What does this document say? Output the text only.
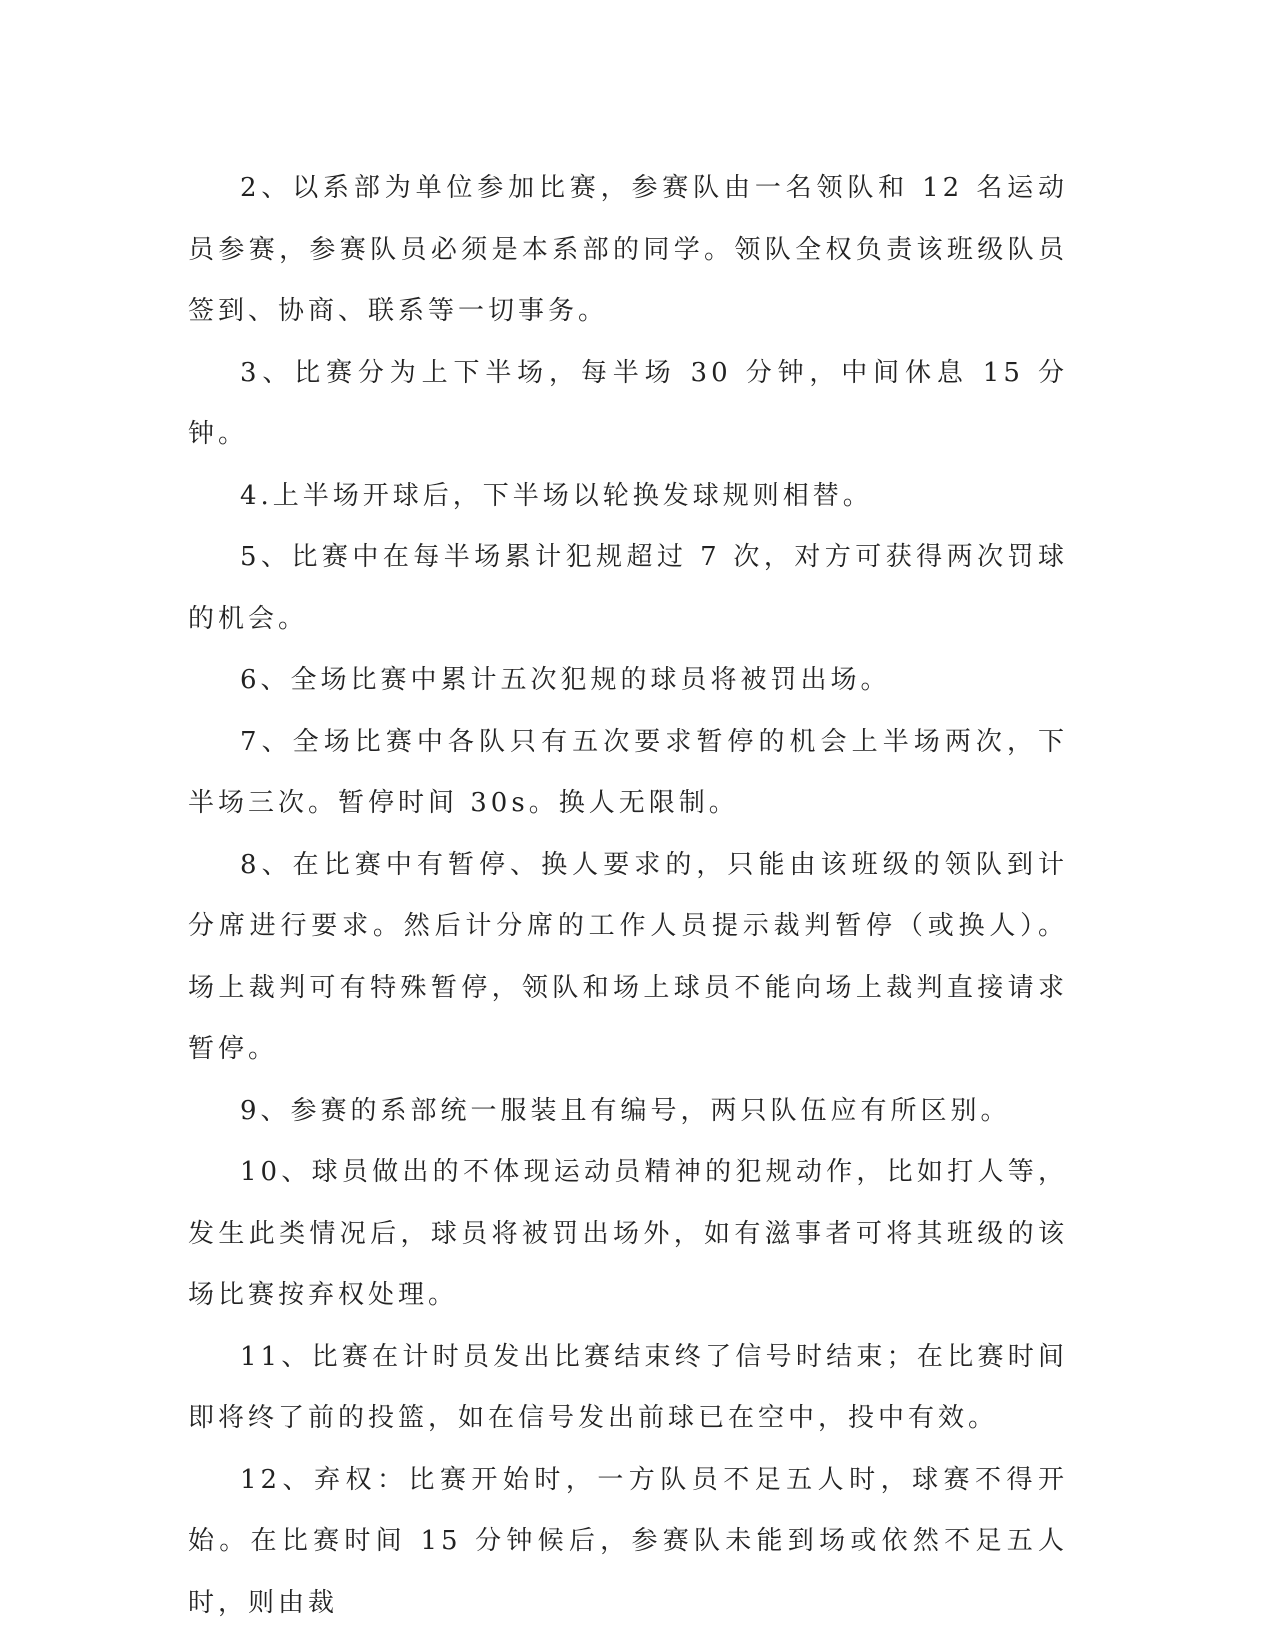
2、以系部为单位参加比赛，参赛队由一名领队和 12 名运动员参赛，参赛队员必须是本系部的同学。领队全权负责该班级队员签到、协商、联系等一切事务。

3、比赛分为上下半场，每半场 30 分钟，中间休息 15 分钟。

4.上半场开球后，下半场以轮换发球规则相替。

5、比赛中在每半场累计犯规超过 7 次，对方可获得两次罚球的机会。

6、全场比赛中累计五次犯规的球员将被罚出场。

7、全场比赛中各队只有五次要求暂停的机会上半场两次，下半场三次。暂停时间 30s。换人无限制。

8、在比赛中有暂停、换人要求的，只能由该班级的领队到计分席进行要求。然后计分席的工作人员提示裁判暂停（或换人）。场上裁判可有特殊暂停，领队和场上球员不能向场上裁判直接请求暂停。

9、参赛的系部统一服装且有编号，两只队伍应有所区别。

10、球员做出的不体现运动员精神的犯规动作，比如打人等，发生此类情况后，球员将被罚出场外，如有滋事者可将其班级的该场比赛按弃权处理。

11、比赛在计时员发出比赛结束终了信号时结束；在比赛时间即将终了前的投篮，如在信号发出前球已在空中，投中有效。

12、弃权：比赛开始时，一方队员不足五人时，球赛不得开始。在比赛时间 15 分钟候后，参赛队未能到场或依然不足五人时，则由裁
